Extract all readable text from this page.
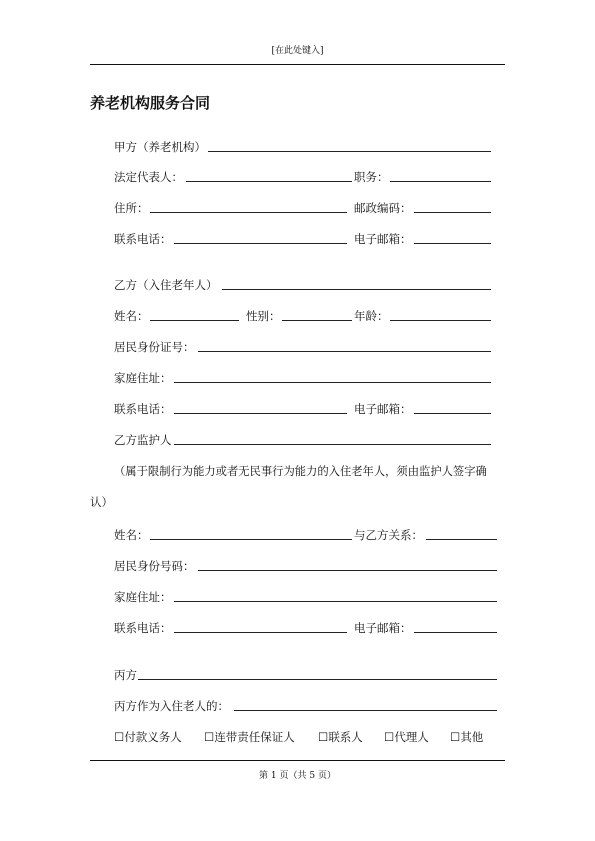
[在此处键入]
养老机构服务合同
甲方（养老机构）
法定代表人：	职务：
住所：	邮政编码：
联系电话：	电子邮箱：
乙方（入住老年人）
姓名：	性别：	年龄：
居民身份证号：
家庭住址：
联系电话：	电子邮箱：
乙方监护人
（属于限制行为能力或者无民事行为能力的入住老年人，须由监护人签字确
认）
姓名：	与乙方关系：
居民身份号码：
家庭住址：
联系电话：	电子邮箱：
丙方
丙方作为入住老人的：
☐付款义务人 ☐连带责任保证人 ☐联系人 ☐代理人 ☐其他
第 1 页（共 5 页）
